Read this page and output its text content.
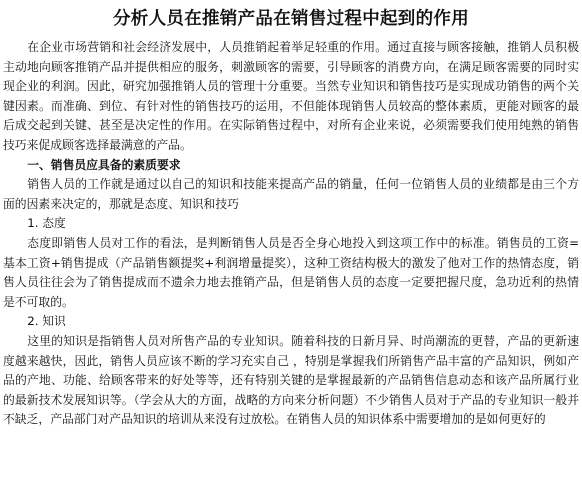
分析人员在推销产品在销售过程中起到的作用

在企业市场营销和社会经济发展中，人员推销起着举足轻重的作用。通过直接与顾客接触，推销人员积极主动地向顾客推销产品并提供相应的服务，刺激顾客的需要，引导顾客的消费方向，在满足顾客需要的同时实现企业的利润。因此，研究加强推销人员的管理十分重要。当然专业知识和销售技巧是实现成功销售的两个关键因素。而准确、到位、有针对性的销售技巧的运用，不但能体现销售人员较高的整体素质，更能对顾客的最后成交起到关键、甚至是决定性的作用。在实际销售过程中，对所有企业来说，必须需要我们使用纯熟的销售技巧来促成顾客选择最满意的产品。

一、销售员应具备的素质要求

销售人员的工作就是通过以自己的知识和技能来提高产品的销量，任何一位销售人员的业绩都是由三个方面的因素来决定的，那就是态度、知识和技巧

1. 态度

态度即销售人员对工作的看法，是判断销售人员是否全身心地投入到这项工作中的标准。销售员的工资=基本工资+销售提成（产品销售额提奖+利润增量提奖），这种工资结构极大的激发了他对工作的热情态度，销售人员往往会为了销售提成而不遗余力地去推销产品，但是销售人员的态度一定要把握尺度，急功近利的热情是不可取的。

2. 知识

这里的知识是指销售人员对所售产品的专业知识。随着科技的日新月异、时尚潮流的更替，产品的更新速度越来越快，因此，销售人员应该不断的学习充实自己 ，特别是掌握我们所销售产品丰富的产品知识，例如产品的产地、功能、给顾客带来的好处等等，还有特别关键的是掌握最新的产品销售信息动态和该产品所属行业的最新技术发展知识等。（学会从大的方面，战略的方向来分析问题）不少销售人员对于产品的专业知识一般并不缺乏，产品部门对产品知识的培训从来没有过放松。在销售人员的知识体系中需要增加的是如何更好的
